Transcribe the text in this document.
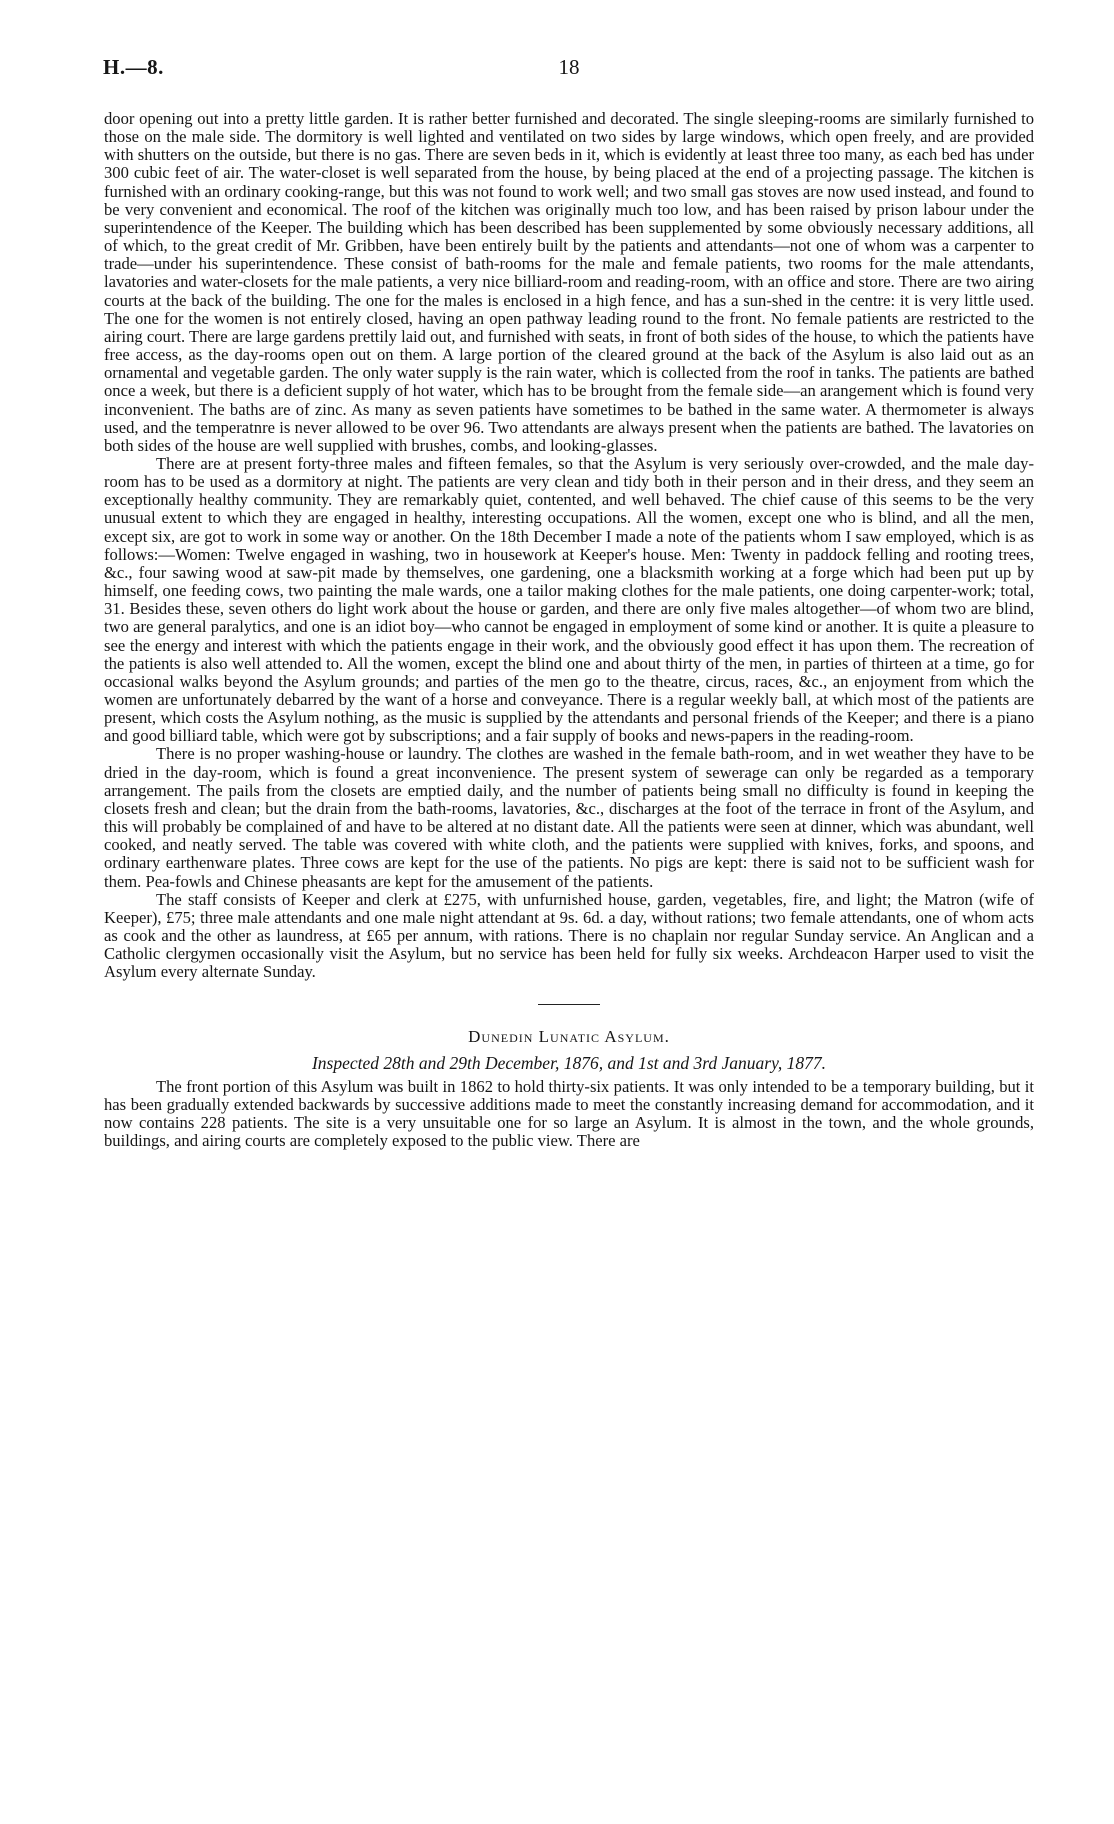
H.—8.	18

door opening out into a pretty little garden. It is rather better furnished and decorated. The single sleeping-rooms are similarly furnished to those on the male side. The dormitory is well lighted and ventilated on two sides by large windows, which open freely, and are provided with shutters on the outside, but there is no gas. There are seven beds in it, which is evidently at least three too many, as each bed has under 300 cubic feet of air. The water-closet is well separated from the house, by being placed at the end of a projecting passage. The kitchen is furnished with an ordinary cooking-range, but this was not found to work well; and two small gas stoves are now used instead, and found to be very convenient and economical. The roof of the kitchen was originally much too low, and has been raised by prison labour under the superintendence of the Keeper. The building which has been described has been supplemented by some obviously necessary additions, all of which, to the great credit of Mr. Gribben, have been entirely built by the patients and attendants—not one of whom was a carpenter to trade—under his superintendence. These consist of bath-rooms for the male and female patients, two rooms for the male attendants, lavatories and water-closets for the male patients, a very nice billiard-room and reading-room, with an office and store. There are two airing courts at the back of the building. The one for the males is enclosed in a high fence, and has a sun-shed in the centre: it is very little used. The one for the women is not entirely closed, having an open pathway leading round to the front. No female patients are restricted to the airing court. There are large gardens prettily laid out, and furnished with seats, in front of both sides of the house, to which the patients have free access, as the day-rooms open out on them. A large portion of the cleared ground at the back of the Asylum is also laid out as an ornamental and vegetable garden. The only water supply is the rain water, which is collected from the roof in tanks. The patients are bathed once a week, but there is a deficient supply of hot water, which has to be brought from the female side—an arangement which is found very inconvenient. The baths are of zinc. As many as seven patients have sometimes to be bathed in the same water. A thermometer is always used, and the temperatnre is never allowed to be over 96. Two attendants are always present when the patients are bathed. The lavatories on both sides of the house are well supplied with brushes, combs, and looking-glasses.

There are at present forty-three males and fifteen females, so that the Asylum is very seriously over-crowded, and the male day-room has to be used as a dormitory at night. The patients are very clean and tidy both in their person and in their dress, and they seem an exceptionally healthy community. They are remarkably quiet, contented, and well behaved. The chief cause of this seems to be the very unusual extent to which they are engaged in healthy, interesting occupations. All the women, except one who is blind, and all the men, except six, are got to work in some way or another. On the 18th December I made a note of the patients whom I saw employed, which is as follows:—Women: Twelve engaged in washing, two in housework at Keeper's house. Men: Twenty in paddock felling and rooting trees, &c., four sawing wood at saw-pit made by themselves, one gardening, one a blacksmith working at a forge which had been put up by himself, one feeding cows, two painting the male wards, one a tailor making clothes for the male patients, one doing carpenter-work; total, 31. Besides these, seven others do light work about the house or garden, and there are only five males altogether—of whom two are blind, two are general paralytics, and one is an idiot boy—who cannot be engaged in employment of some kind or another. It is quite a pleasure to see the energy and interest with which the patients engage in their work, and the obviously good effect it has upon them. The recreation of the patients is also well attended to. All the women, except the blind one and about thirty of the men, in parties of thirteen at a time, go for occasional walks beyond the Asylum grounds; and parties of the men go to the theatre, circus, races, &c., an enjoyment from which the women are unfortunately debarred by the want of a horse and conveyance. There is a regular weekly ball, at which most of the patients are present, which costs the Asylum nothing, as the music is supplied by the attendants and personal friends of the Keeper; and there is a piano and good billiard table, which were got by subscriptions; and a fair supply of books and news-papers in the reading-room.

There is no proper washing-house or laundry. The clothes are washed in the female bath-room, and in wet weather they have to be dried in the day-room, which is found a great inconvenience. The present system of sewerage can only be regarded as a temporary arrangement. The pails from the closets are emptied daily, and the number of patients being small no difficulty is found in keeping the closets fresh and clean; but the drain from the bath-rooms, lavatories, &c., discharges at the foot of the terrace in front of the Asylum, and this will probably be complained of and have to be altered at no distant date. All the patients were seen at dinner, which was abundant, well cooked, and neatly served. The table was covered with white cloth, and the patients were supplied with knives, forks, and spoons, and ordinary earthenware plates. Three cows are kept for the use of the patients. No pigs are kept: there is said not to be sufficient wash for them. Pea-fowls and Chinese pheasants are kept for the amusement of the patients.

The staff consists of Keeper and clerk at £275, with unfurnished house, garden, vegetables, fire, and light; the Matron (wife of Keeper), £75; three male attendants and one male night attendant at 9s. 6d. a day, without rations; two female attendants, one of whom acts as cook and the other as laundress, at £65 per annum, with rations. There is no chaplain nor regular Sunday service. An Anglican and a Catholic clergymen occasionally visit the Asylum, but no service has been held for fully six weeks. Archdeacon Harper used to visit the Asylum every alternate Sunday.

Dunedin Lunatic Asylum.
Inspected 28th and 29th December, 1876, and 1st and 3rd January, 1877.

The front portion of this Asylum was built in 1862 to hold thirty-six patients. It was only intended to be a temporary building, but it has been gradually extended backwards by successive additions made to meet the constantly increasing demand for accommodation, and it now contains 228 patients. The site is a very unsuitable one for so large an Asylum. It is almost in the town, and the whole grounds, buildings, and airing courts are completely exposed to the public view. There are
